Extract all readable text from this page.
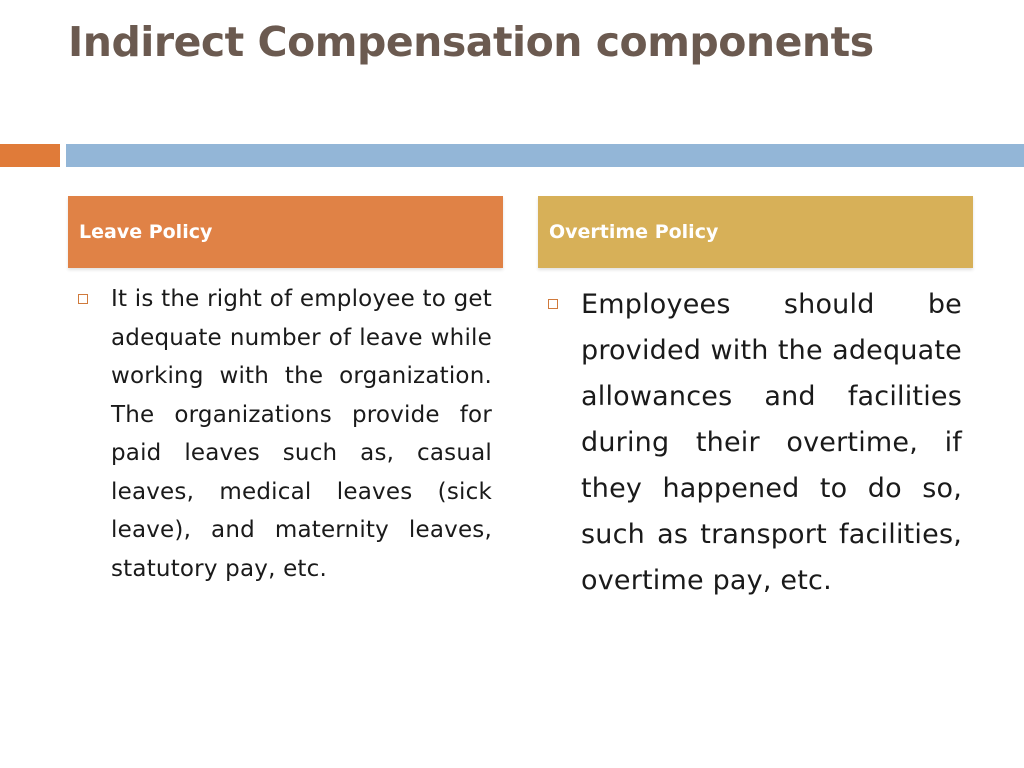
Indirect Compensation components
Leave Policy	Overtime Policy

It is the right of employee to get adequate number of leave while working with the organization. The organizations provide for paid leaves such as, casual leaves, medical leaves (sick leave), and maternity leaves, statutory pay, etc.

Employees should be provided with the adequate allowances and facilities during their overtime, if they happened to do so, such as transport facilities, overtime pay, etc.
